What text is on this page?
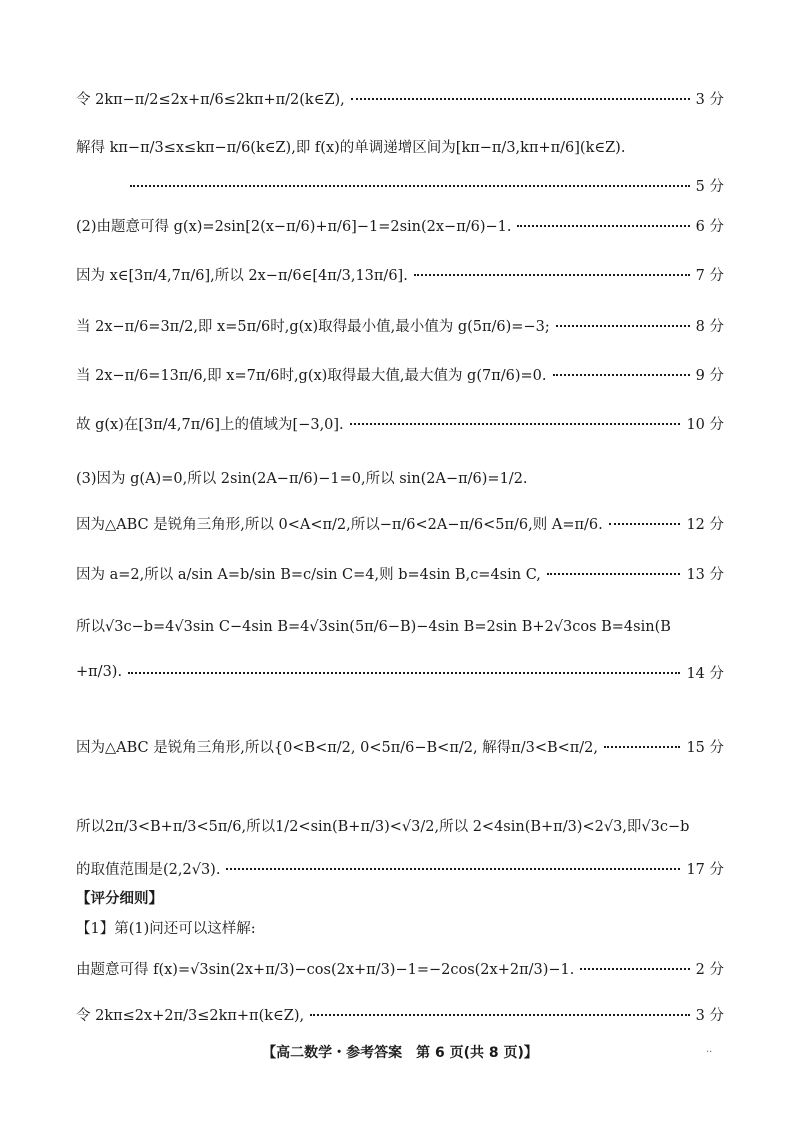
令 2kπ−π/2≤2x+π/6≤2kπ+π/2(k∈Z),	3 分
解得 kπ−π/3≤x≤kπ−π/6(k∈Z),即 f(x)的单调递增区间为[kπ−π/3,kπ+π/6](k∈Z).
5 分
(2)由题意可得 g(x)=2sin[2(x−π/6)+π/6]−1=2sin(2x−π/6)−1.	6 分
因为 x∈[3π/4,7π/6],所以 2x−π/6∈[4π/3,13π/6].	7 分
当 2x−π/6=3π/2,即 x=5π/6时,g(x)取得最小值,最小值为 g(5π/6)=−3;	8 分
当 2x−π/6=13π/6,即 x=7π/6时,g(x)取得最大值,最大值为 g(7π/6)=0.	9 分
故 g(x)在[3π/4,7π/6]上的值域为[−3,0].	10 分
(3)因为 g(A)=0,所以 2sin(2A−π/6)−1=0,所以 sin(2A−π/6)=1/2.
因为△ABC 是锐角三角形,所以 0<A<π/2,所以−π/6<2A−π/6<5π/6,则 A=π/6.	12 分
因为 a=2,所以 a/sin A=b/sin B=c/sin C=4,则 b=4sin B,c=4sin C,	13 分
所以√3c−b=4√3sin C−4sin B=4√3sin(5π/6−B)−4sin B=2sin B+2√3cos B=4sin(B
+π/3).	14 分
因为△ABC 是锐角三角形,所以{0<B<π/2, 0<5π/6−B<π/2, 解得π/3<B<π/2,	15 分
所以2π/3<B+π/3<5π/6,所以1/2<sin(B+π/3)<√3/2,所以 2<4sin(B+π/3)<2√3,即√3c−b
的取值范围是(2,2√3).	17 分
【评分细则】
【1】第(1)问还可以这样解:
由题意可得 f(x)=√3sin(2x+π/3)−cos(2x+π/3)−1=−2cos(2x+2π/3)−1.	2 分
令 2kπ≤2x+2π/3≤2kπ+π(k∈Z),	3 分
【高二数学・参考答案　第 6 页(共 8 页)】	..
